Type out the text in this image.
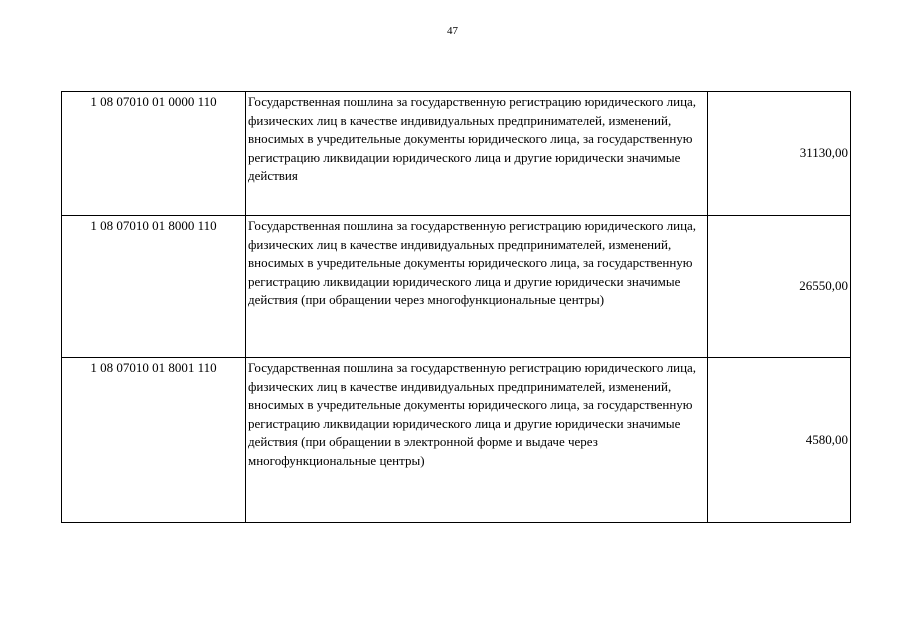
47
1 08 07010 01 0000 110	Государственная пошлина за государственную регистрацию юридического лица, физических лиц в качестве индивидуальных предпринимателей, изменений, вносимых в учредительные документы юридического лица, за государственную регистрацию ликвидации юридического лица и другие юридически значимые действия	31130,00
1 08 07010 01 8000 110	Государственная пошлина за государственную регистрацию юридического лица, физических лиц в качестве индивидуальных предпринимателей, изменений, вносимых в учредительные документы юридического лица, за государственную регистрацию ликвидации юридического лица и другие юридически значимые действия (при обращении через многофункциональные центры)	26550,00
1 08 07010 01 8001 110	Государственная пошлина за государственную регистрацию юридического лица, физических лиц в качестве индивидуальных предпринимателей, изменений, вносимых в учредительные документы юридического лица, за государственную регистрацию ликвидации юридического лица и другие юридически значимые действия (при обращении в электронной форме и выдаче через многофункциональные центры)	4580,00
